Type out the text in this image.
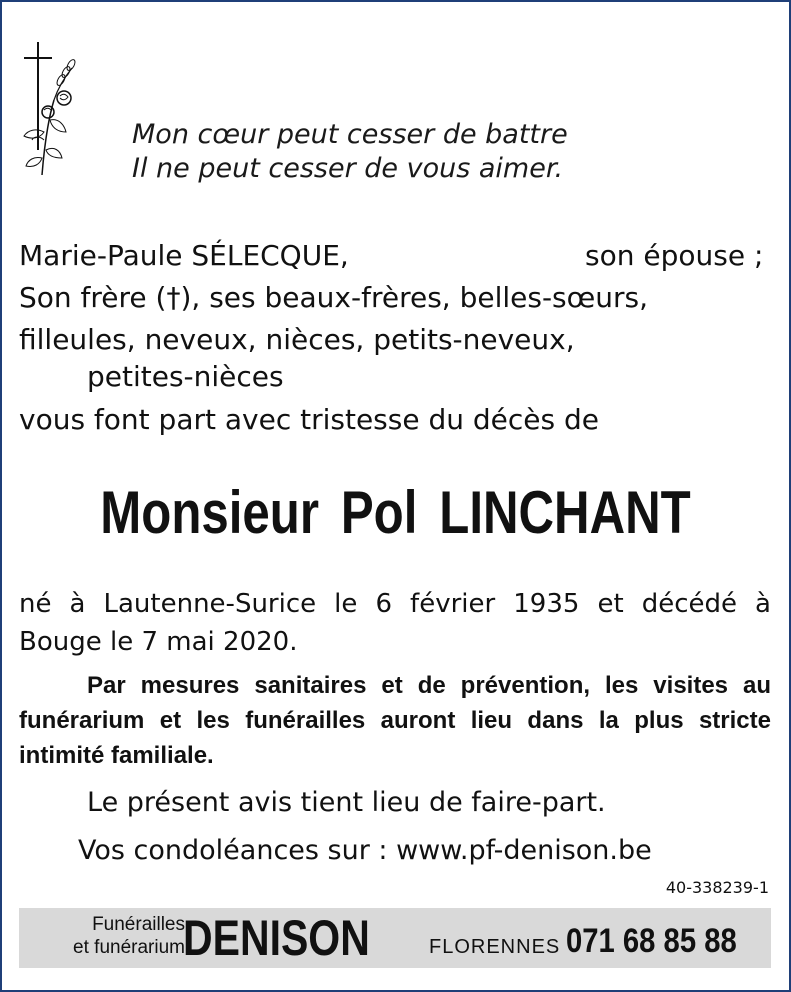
Mon cœur peut cesser de battre
Il ne peut cesser de vous aimer.
Marie-Paule SÉLECQUE,	son épouse ;
Son frère (†), ses beaux-frères, belles-sœurs,
filleules, neveux, nièces, petits-neveux,
petites-nièces
vous font part avec tristesse du décès de
Monsieur Pol LINCHANT

né à Lautenne-Surice le 6 février 1935 et décédé à Bouge le 7 mai 2020.

Par mesures sanitaires et de prévention, les visites au funérarium et les funérailles auront lieu dans la plus stricte intimité familiale.

Le présent avis tient lieu de faire-part.
Vos condoléances sur : www.pf-denison.be
40-338239-1
Funérailles
et funérarium
DENISON	FLORENNES 071 68 85 88
